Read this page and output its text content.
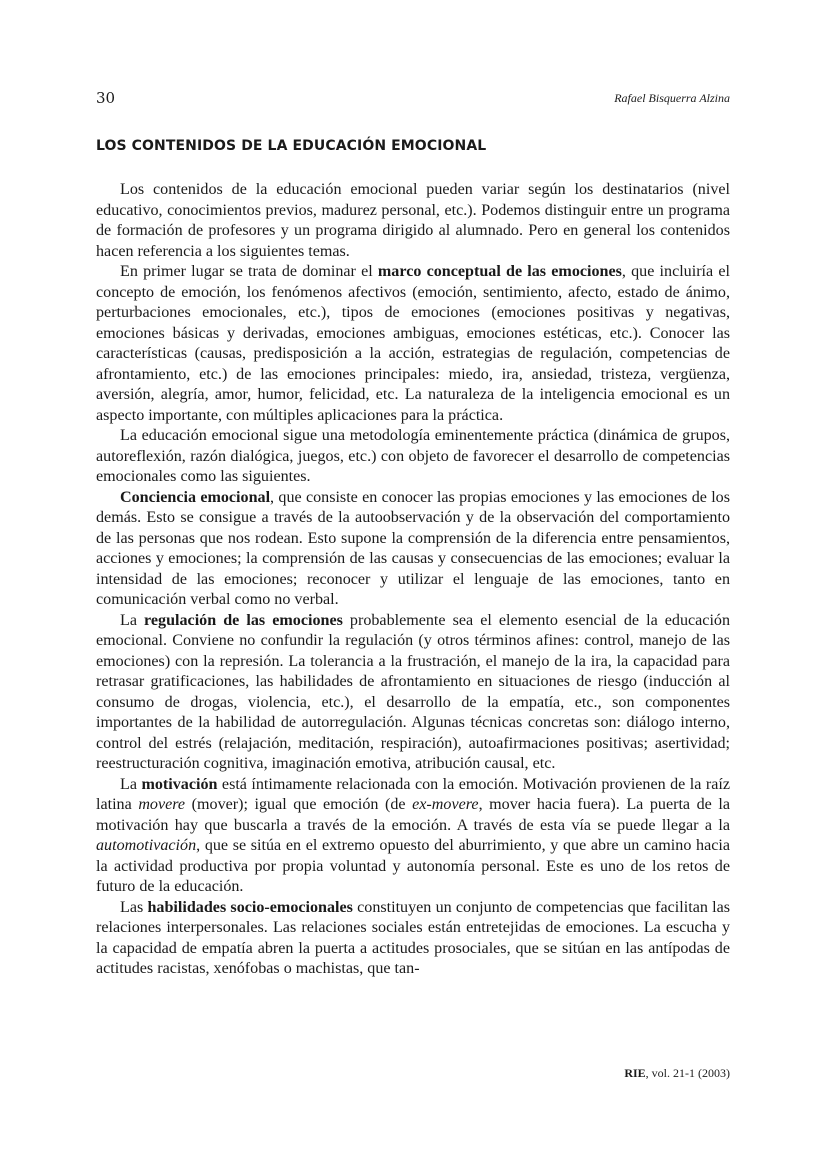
30	Rafael Bisquerra Alzina
LOS CONTENIDOS DE LA EDUCACIÓN EMOCIONAL

Los contenidos de la educación emocional pueden variar según los destinatarios (nivel educativo, conocimientos previos, madurez personal, etc.). Podemos distinguir entre un programa de formación de profesores y un programa dirigido al alumnado. Pero en general los contenidos hacen referencia a los siguientes temas.

En primer lugar se trata de dominar el marco conceptual de las emociones, que incluiría el concepto de emoción, los fenómenos afectivos (emoción, sentimiento, afecto, estado de ánimo, perturbaciones emocionales, etc.), tipos de emociones (emociones positivas y negativas, emociones básicas y derivadas, emociones ambiguas, emociones estéticas, etc.). Conocer las características (causas, predisposición a la acción, estrategias de regulación, competencias de afrontamiento, etc.) de las emociones principales: miedo, ira, ansiedad, tristeza, vergüenza, aversión, alegría, amor, humor, felicidad, etc. La naturaleza de la inteligencia emocional es un aspecto importante, con múltiples aplicaciones para la práctica.

La educación emocional sigue una metodología eminentemente práctica (dinámica de grupos, autoreflexión, razón dialógica, juegos, etc.) con objeto de favorecer el desarrollo de competencias emocionales como las siguientes.

Conciencia emocional, que consiste en conocer las propias emociones y las emociones de los demás. Esto se consigue a través de la autoobservación y de la observación del comportamiento de las personas que nos rodean. Esto supone la comprensión de la diferencia entre pensamientos, acciones y emociones; la comprensión de las causas y consecuencias de las emociones; evaluar la intensidad de las emociones; reconocer y utilizar el lenguaje de las emociones, tanto en comunicación verbal como no verbal.

La regulación de las emociones probablemente sea el elemento esencial de la educación emocional. Conviene no confundir la regulación (y otros términos afines: control, manejo de las emociones) con la represión. La tolerancia a la frustración, el manejo de la ira, la capacidad para retrasar gratificaciones, las habilidades de afrontamiento en situaciones de riesgo (inducción al consumo de drogas, violencia, etc.), el desarrollo de la empatía, etc., son componentes importantes de la habilidad de autorregulación. Algunas técnicas concretas son: diálogo interno, control del estrés (relajación, meditación, respiración), autoafirmaciones positivas; asertividad; reestructuración cognitiva, imaginación emotiva, atribución causal, etc.

La motivación está íntimamente relacionada con la emoción. Motivación provienen de la raíz latina movere (mover); igual que emoción (de ex-movere, mover hacia fuera). La puerta de la motivación hay que buscarla a través de la emoción. A través de esta vía se puede llegar a la automotivación, que se sitúa en el extremo opuesto del aburrimiento, y que abre un camino hacia la actividad productiva por propia voluntad y autonomía personal. Este es uno de los retos de futuro de la educación.

Las habilidades socio-emocionales constituyen un conjunto de competencias que facilitan las relaciones interpersonales. Las relaciones sociales están entretejidas de emociones. La escucha y la capacidad de empatía abren la puerta a actitudes prosociales, que se sitúan en las antípodas de actitudes racistas, xenófobas o machistas, que tan-

RIE, vol. 21-1 (2003)
